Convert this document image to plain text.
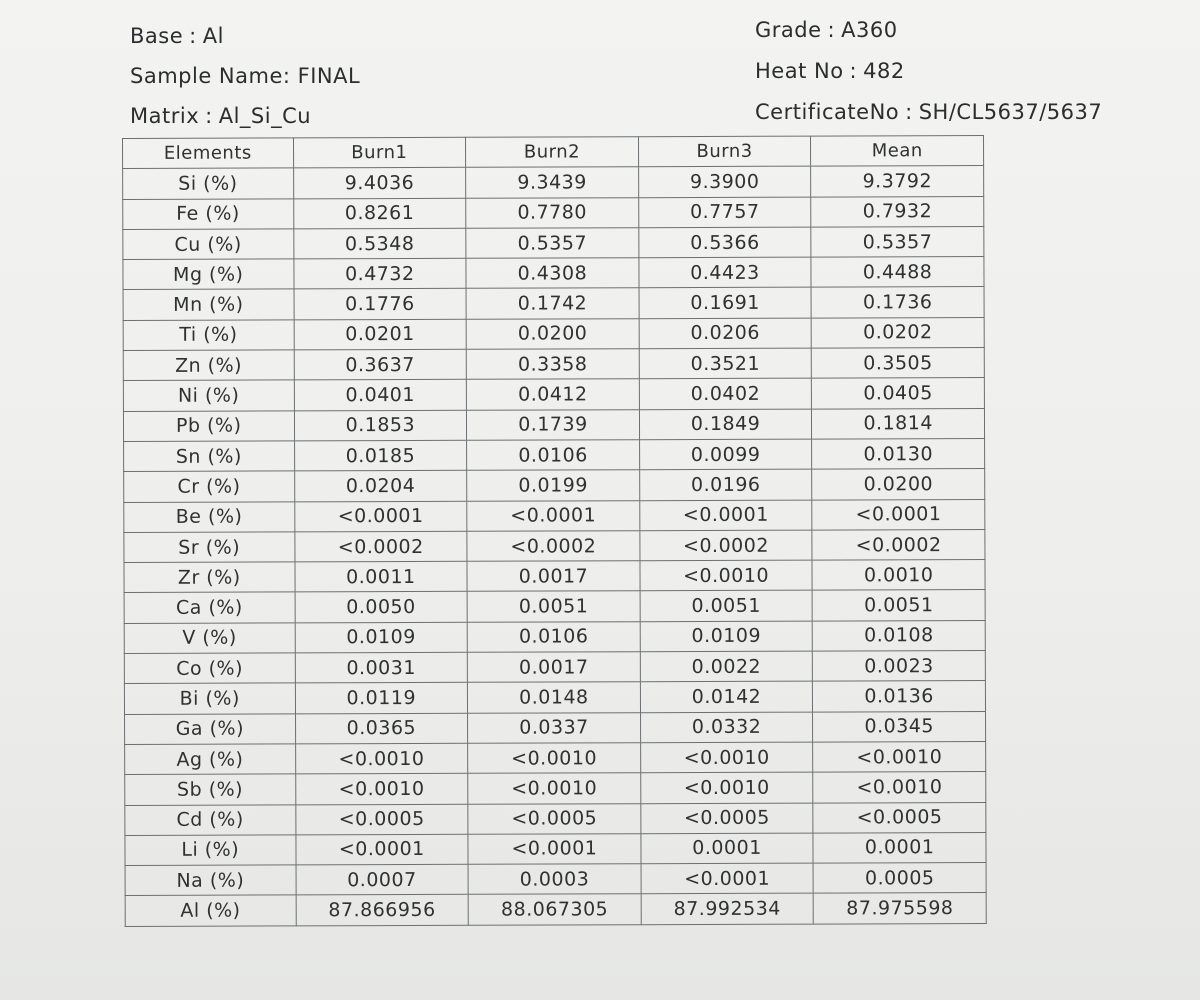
Base : Al
Sample Name: FINAL
Matrix : Al_Si_Cu
Grade : A360
Heat No : 482
CertificateNo : SH/CL5637/5637
Elements	Burn1	Burn2	Burn3	Mean
Si (%)	9.4036	9.3439	9.3900	9.3792
Fe (%)	0.8261	0.7780	0.7757	0.7932
Cu (%)	0.5348	0.5357	0.5366	0.5357
Mg (%)	0.4732	0.4308	0.4423	0.4488
Mn (%)	0.1776	0.1742	0.1691	0.1736
Ti (%)	0.0201	0.0200	0.0206	0.0202
Zn (%)	0.3637	0.3358	0.3521	0.3505
Ni (%)	0.0401	0.0412	0.0402	0.0405
Pb (%)	0.1853	0.1739	0.1849	0.1814
Sn (%)	0.0185	0.0106	0.0099	0.0130
Cr (%)	0.0204	0.0199	0.0196	0.0200
Be (%)	<0.0001	<0.0001	<0.0001	<0.0001
Sr (%)	<0.0002	<0.0002	<0.0002	<0.0002
Zr (%)	0.0011	0.0017	<0.0010	0.0010
Ca (%)	0.0050	0.0051	0.0051	0.0051
V (%)	0.0109	0.0106	0.0109	0.0108
Co (%)	0.0031	0.0017	0.0022	0.0023
Bi (%)	0.0119	0.0148	0.0142	0.0136
Ga (%)	0.0365	0.0337	0.0332	0.0345
Ag (%)	<0.0010	<0.0010	<0.0010	<0.0010
Sb (%)	<0.0010	<0.0010	<0.0010	<0.0010
Cd (%)	<0.0005	<0.0005	<0.0005	<0.0005
Li (%)	<0.0001	<0.0001	0.0001	0.0001
Na (%)	0.0007	0.0003	<0.0001	0.0005
Al (%)	87.866956	88.067305	87.992534	87.975598
